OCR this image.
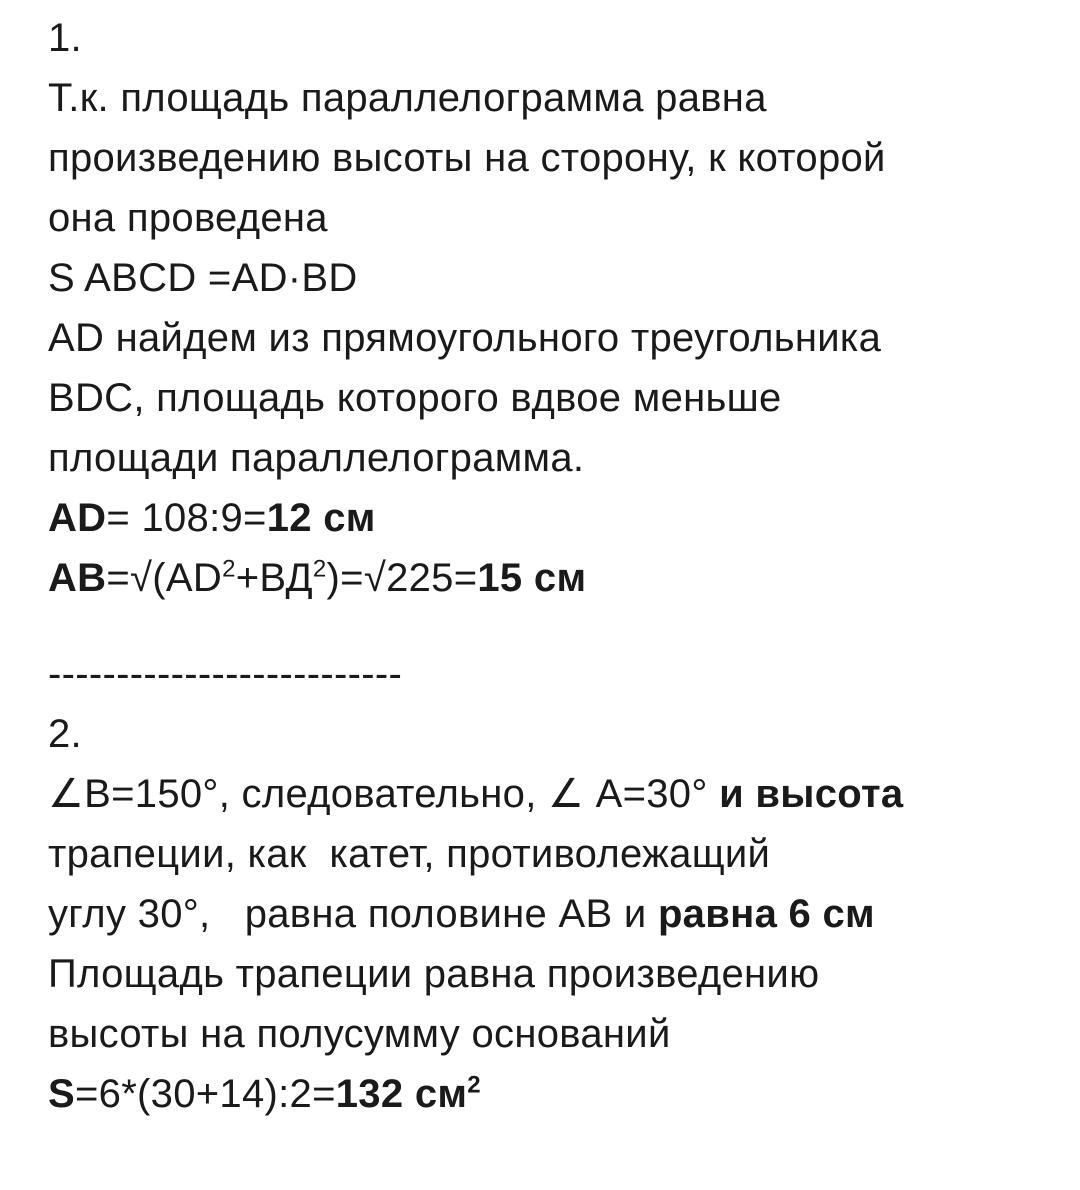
1.
Т.к. площадь параллелограмма равна
произведению высоты на сторону, к которой
она проведена
S ABCD =AD·BD
AD найдем из прямоугольного треугольника
BDC, площадь которого вдвое меньше
площади параллелограмма.
AD= 108:9=12 см
$AB=√(AD^2+ВД^2)=√225=15$ см
--------------------------
2.
∠B=150°, следовательно, ∠ A=30° и высота
трапеции, как  катет, противолежащий
углу 30°,   равна половине АВ и равна 6 см
Площадь трапеции равна произведению
высоты на полусумму оснований
S=6*(30+14):2=132 $см^2$
